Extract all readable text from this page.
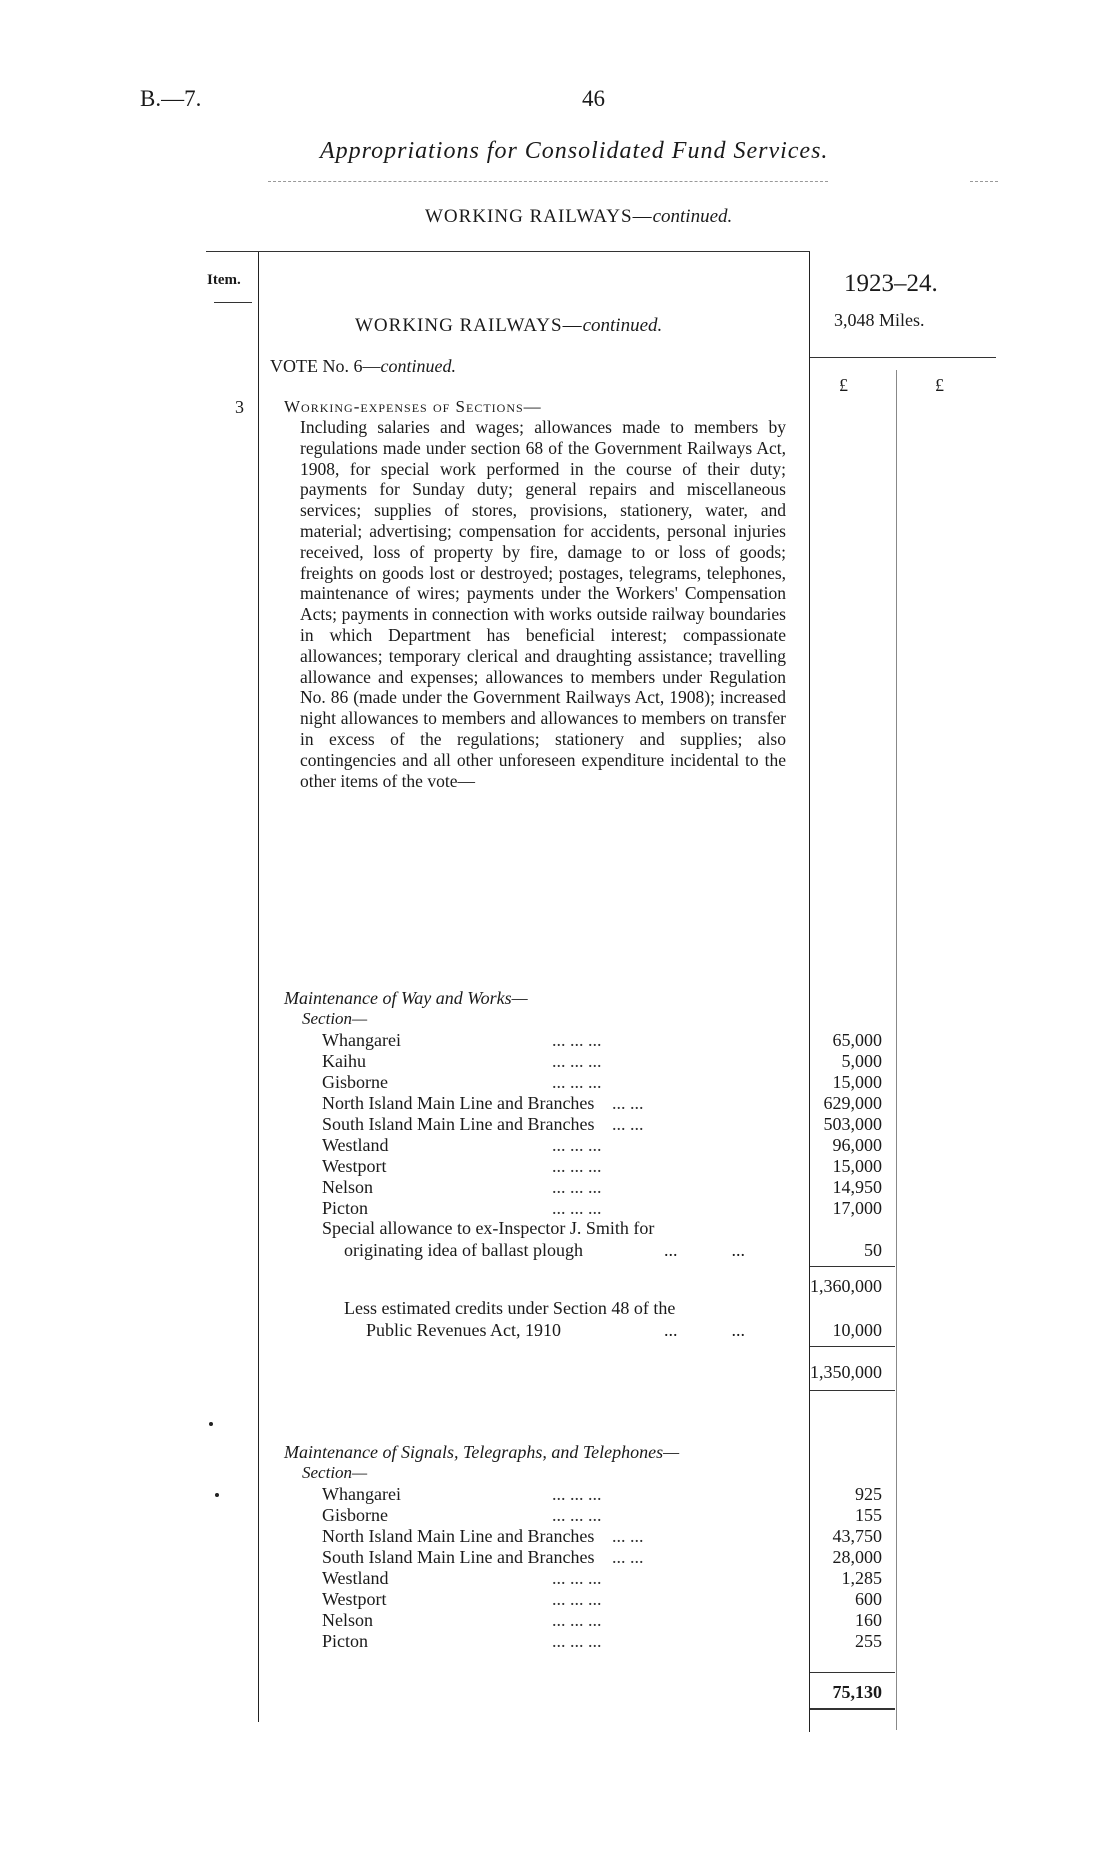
B.—7.	46
Appropriations for Consolidated Fund Services.
WORKING RAILWAYS—continued.
Item.	1923–24.
3,048 Miles.
WORKING RAILWAYS—continued.
VOTE No. 6—continued.
£	£
3 Working-expenses of Sections—
Including salaries and wages; allowances made to members by regulations made under section 68 of the Government Railways Act, 1908, for special work performed in the course of their duty; payments for Sunday duty; general repairs and miscellaneous services; supplies of stores, provisions, stationery, water, and material; advertising; compensation for accidents, personal injuries received, loss of property by fire, damage to or loss of goods; freights on goods lost or destroyed; postages, telegrams, telephones, maintenance of wires; payments under the Workers' Compensation Acts; payments in connection with works outside railway boundaries in which Department has beneficial interest; compassionate allowances; temporary clerical and draughting assistance; travelling allowance and expenses; allowances to members under Regulation No. 86 (made under the Government Railways Act, 1908); increased night allowances to members and allowances to members on transfer in excess of the regulations; stationery and supplies; also contingencies and all other unforeseen expenditure incidental to the other items of the vote—
Maintenance of Way and Works—
Section—
Whangarei	... ... ...	65,000
Kaihu	... ... ...	5,000
Gisborne	... ... ...	15,000
North Island Main Line and Branches ... ...	629,000
South Island Main Line and Branches ... ...	503,000
Westland	... ... ...	96,000
Westport	... ... ...	15,000
Nelson	... ... ...	14,950
Picton	... ... ...	17,000
Special allowance to ex-Inspector J. Smith for
originating idea of ballast plough	...            ...	50
1,360,000
Less estimated credits under Section 48 of the
Public Revenues Act, 1910	...            ...	10,000
1,350,000
Maintenance of Signals, Telegraphs, and Telephones—
Section—
Whangarei	... ... ...	925
Gisborne	... ... ...	155
North Island Main Line and Branches ... ...	43,750
South Island Main Line and Branches ... ...	28,000
Westland	... ... ...	1,285
Westport	... ... ...	600
Nelson	... ... ...	160
Picton	... ... ...	255
75,130
